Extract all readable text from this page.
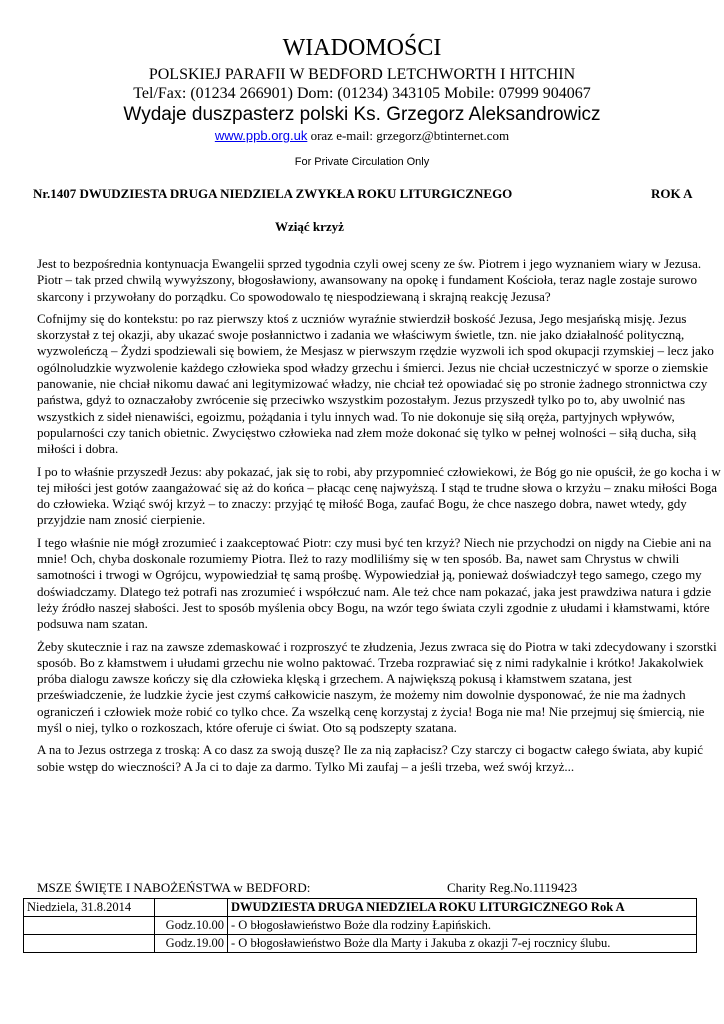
WIADOMOŚCI
POLSKIEJ PARAFII W BEDFORD LETCHWORTH I HITCHIN
Tel/Fax: (01234 266901) Dom: (01234) 343105 Mobile: 07999 904067
Wydaje duszpasterz polski Ks. Grzegorz Aleksandrowicz
www.ppb.org.uk oraz e-mail: grzegorz@btinternet.com
For Private Circulation Only
Nr.1407 DWUDZIESTA DRUGA NIEDZIELA ZWYKŁA ROKU LITURGICZNEGO	ROK A
Wziąć krzyż

Jest to bezpośrednia kontynuacja Ewangelii sprzed tygodnia czyli owej sceny ze św. Piotrem i jego wyznaniem wiary w Jezusa. Piotr – tak przed chwilą wywyższony, błogosławiony, awansowany na opokę i fundament Kościoła, teraz nagle zostaje surowo skarcony i przywołany do porządku. Co spowodowalo tę niespodziewaną i skrajną reakcję Jezusa?

Cofnijmy się do kontekstu: po raz pierwszy ktoś z uczniów wyraźnie stwierdził boskość Jezusa, Jego mesjańską misję. Jezus skorzystał z tej okazji, aby ukazać swoje posłannictwo i zadania we właściwym świetle, tzn. nie jako działalność polityczną, wyzwoleńczą – Żydzi spodziewali się bowiem, że Mesjasz w pierwszym rzędzie wyzwoli ich spod okupacji rzymskiej – lecz jako ogólnoludzkie wyzwolenie każdego człowieka spod władzy grzechu i śmierci. Jezus nie chciał uczestniczyć w sporze o ziemskie panowanie, nie chciał nikomu dawać ani legitymizować władzy, nie chciał też opowiadać się po stronie żadnego stronnictwa czy państwa, gdyż to oznaczałoby zwrócenie się przeciwko wszystkim pozostałym. Jezus przyszedł tylko po to, aby uwolnić nas wszystkich z sideł nienawiści, egoizmu, pożądania i tylu innych wad. To nie dokonuje się siłą oręża, partyjnych wpływów, popularności czy tanich obietnic. Zwycięstwo człowieka nad złem może dokonać się tylko w pełnej wolności – siłą ducha, siłą miłości i dobra.

I po to właśnie przyszedł Jezus: aby pokazać, jak się to robi, aby przypomnieć człowiekowi, że Bóg go nie opuścił, że go kocha i w tej miłości jest gotów zaangażować się aż do końca – płacąc cenę najwyższą. I stąd te trudne słowa o krzyżu – znaku miłości Boga do człowieka. Wziąć swój krzyż – to znaczy: przyjąć tę miłość Boga, zaufać Bogu, że chce naszego dobra, nawet wtedy, gdy przyjdzie nam znosić cierpienie.

I tego właśnie nie mógł zrozumieć i zaakceptować Piotr: czy musi być ten krzyż? Niech nie przychodzi on nigdy na Ciebie ani na mnie! Och, chyba doskonale rozumiemy Piotra. Ileż to razy modliliśmy się w ten sposób. Ba, nawet sam Chrystus w chwili samotności i trwogi w Ogrójcu, wypowiedział tę samą prośbę. Wypowiedział ją, ponieważ doświadczył tego samego, czego my doświadczamy. Dlatego też potrafi nas zrozumieć i współczuć nam. Ale też chce nam pokazać, jaka jest prawdziwa natura i gdzie leży źródło naszej słabości. Jest to sposób myślenia obcy Bogu, na wzór tego świata czyli zgodnie z ułudami i kłamstwami, które podsuwa nam szatan.

Żeby skutecznie i raz na zawsze zdemaskować i rozproszyć te złudzenia, Jezus zwraca się do Piotra w taki zdecydowany i szorstki sposób. Bo z kłamstwem i ułudami grzechu nie wolno paktować. Trzeba rozprawiać się z nimi radykalnie i krótko! Jakakolwiek próba dialogu zawsze kończy się dla człowieka klęską i grzechem. A największą pokusą i kłamstwem szatana, jest przeświadczenie, że ludzkie życie jest czymś całkowicie naszym, że możemy nim dowolnie dysponować, że nie ma żadnych ograniczeń i człowiek może robić co tylko chce. Za wszelką cenę korzystaj z życia! Boga nie ma! Nie przejmuj się śmiercią, nie myśl o niej, tylko o rozkoszach, które oferuje ci świat. Oto są podszepty szatana.

A na to Jezus ostrzega z troską: A co dasz za swoją duszę? Ile za nią zapłacisz? Czy starczy ci bogactw całego świata, aby kupić sobie wstęp do wieczności? A Ja ci to daje za darmo. Tylko Mi zaufaj – a jeśli trzeba, weź swój krzyż...

MSZE ŚWIĘTE I NABOŻEŃSTWA w BEDFORD:	Charity Reg.No.1119423
Niedziela, 31.8.2014		DWUDZIESTA DRUGA NIEDZIELA ROKU LITURGICZNEGO Rok A
	Godz.10.00	- O błogosławieństwo Boże dla rodziny Łapińskich.
	Godz.19.00	- O błogosławieństwo Boże dla Marty i Jakuba z okazji 7-ej rocznicy ślubu.
